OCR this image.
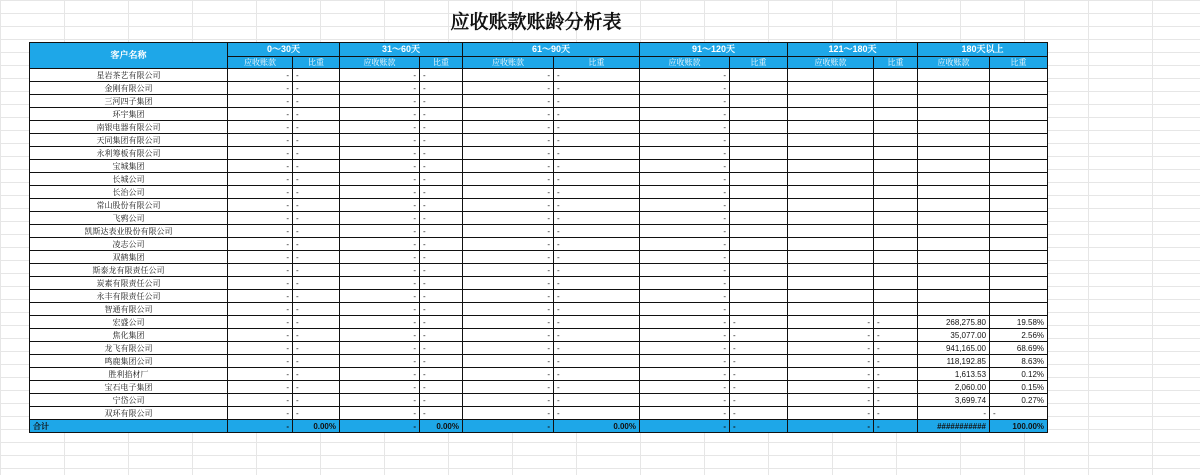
应收账款账龄分析表
客户名称	0～30天		31～60天		61～90天		91～120天		121～180天		180天以上	
	应收账款	比重	应收账款	比重	应收账款	比重	应收账款	比重	应收账款	比重	应收账款	比重
星岩茶艺有限公司	-	-	-	-	-	-	-					
金刚有限公司	-	-	-	-	-	-	-					
三河四子集团	-	-	-	-	-	-	-					
环宇集团	-	-	-	-	-	-	-					
南银电器有限公司	-	-	-	-	-	-	-					
天同集团有限公司	-	-	-	-	-	-	-					
永利筹板有限公司	-	-	-	-	-	-	-					
宝城集团	-	-	-	-	-	-	-					
长城公司	-	-	-	-	-	-	-					
长治公司	-	-	-	-	-	-	-					
常山股份有限公司	-	-	-	-	-	-	-					
飞鸦公司	-	-	-	-	-	-	-					
凯斯达表业股份有限公司	-	-	-	-	-	-	-					
凌志公司	-	-	-	-	-	-	-					
双鹤集团	-	-	-	-	-	-	-					
斯泰龙有限责任公司	-	-	-	-	-	-	-					
炭素有限责任公司	-	-	-	-	-	-	-					
永丰有限责任公司	-	-	-	-	-	-	-					
智通有限公司	-	-	-	-	-	-	-					
宏盛公司	-	-	-	-	-	-	-	-	-	-	268,275.80	19.58%
焦化集团	-	-	-	-	-	-	-	-	-	-	35,077.00	2.56%
龙飞有限公司	-	-	-	-	-	-	-	-	-	-	941,165.00	68.69%
鸣鹿集团公司	-	-	-	-	-	-	-	-	-	-	118,192.85	8.63%
胜利掐材厂	-	-	-	-	-	-	-	-	-	-	1,613.53	0.12%
宝石电子集团	-	-	-	-	-	-	-	-	-	-	2,060.00	0.15%
宁岱公司	-	-	-	-	-	-	-	-	-	-	3,699.74	0.27%
双环有限公司	-	-	-	-	-	-	-	-	-	-	-	-
合计	-	0.00%	-	0.00%	-	0.00%	-	-	-	-	###########	100.00%
